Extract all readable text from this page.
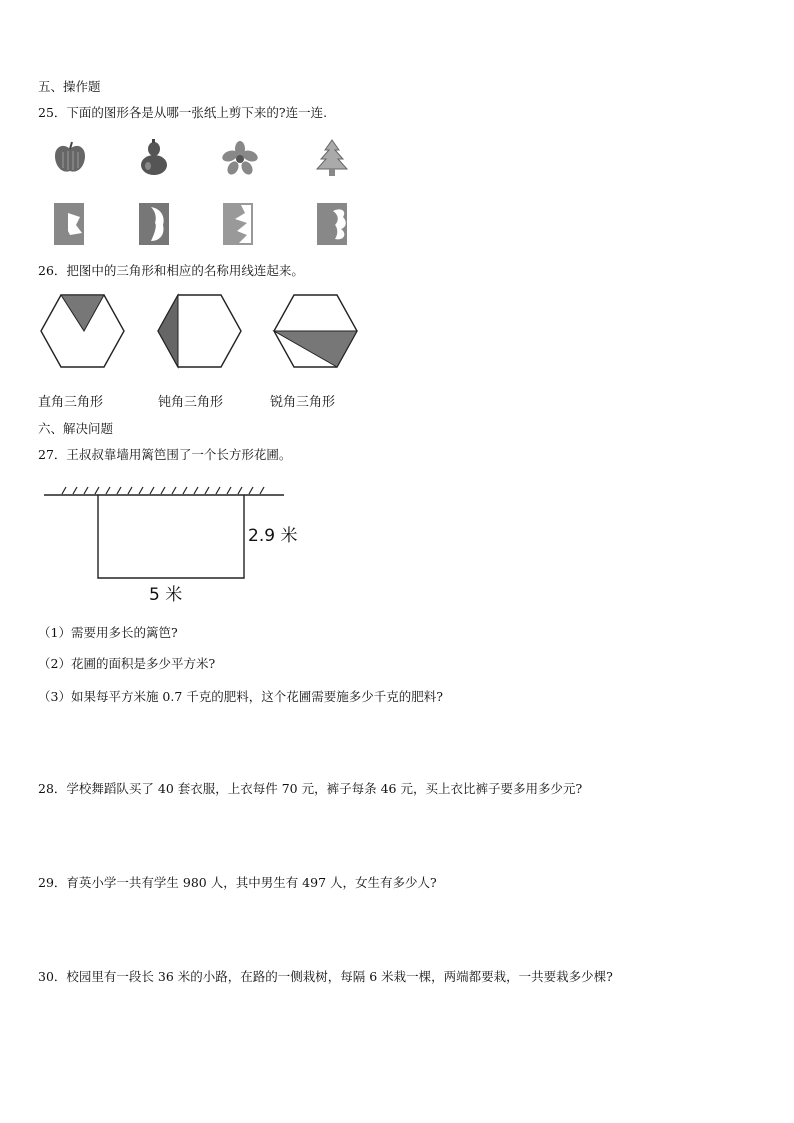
五、操作题
25．下面的图形各是从哪一张纸上剪下来的?连一连.
26．把图中的三角形和相应的名称用线连起来。
直角三角形	钝角三角形	锐角三角形
六、解决问题
27．王叔叔靠墙用篱笆围了一个长方形花圃。
2.9 米
5 米
（1）需要用多长的篱笆?
（2）花圃的面积是多少平方米?
（3）如果每平方米施 0.7 千克的肥料，这个花圃需要施多少千克的肥料?
28．学校舞蹈队买了 40 套衣服，上衣每件 70 元，裤子每条 46 元，买上衣比裤子要多用多少元?
29．育英小学一共有学生 980 人，其中男生有 497 人，女生有多少人?
30．校园里有一段长 36 米的小路，在路的一侧栽树，每隔 6 米栽一棵，两端都要栽，一共要栽多少棵?
